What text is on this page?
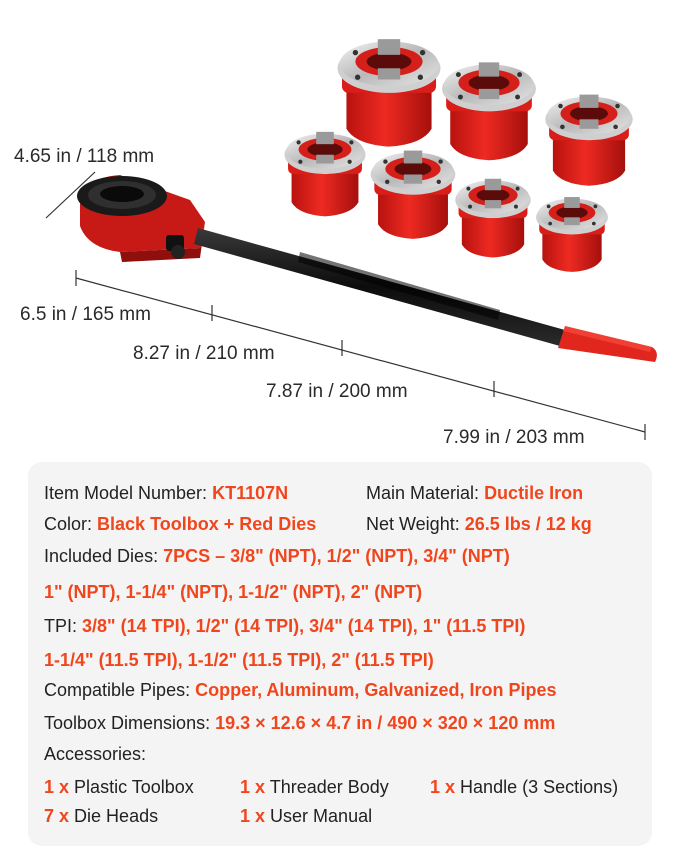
4.65 in / 118 mm
6.5 in / 165 mm
8.27 in / 210 mm
7.87 in / 200 mm
7.99 in / 203 mm
Item Model Number: KT1107N	Main Material: Ductile Iron
Color: Black Toolbox + Red Dies	Net Weight: 26.5 lbs / 12 kg
Included Dies: 7PCS – 3/8" (NPT), 1/2" (NPT), 3/4" (NPT)
1" (NPT), 1-1/4" (NPT), 1-1/2" (NPT), 2" (NPT)
TPI: 3/8" (14 TPI), 1/2" (14 TPI), 3/4" (14 TPI), 1" (11.5 TPI)
1-1/4" (11.5 TPI), 1-1/2" (11.5 TPI), 2" (11.5 TPI)
Compatible Pipes: Copper, Aluminum, Galvanized, Iron Pipes
Toolbox Dimensions: 19.3 × 12.6 × 4.7 in / 490 × 320 × 120 mm
Accessories:
1 x Plastic Toolbox	1 x Threader Body 1 x Handle (3 Sections)
7 x Die Heads	1 x User Manual
